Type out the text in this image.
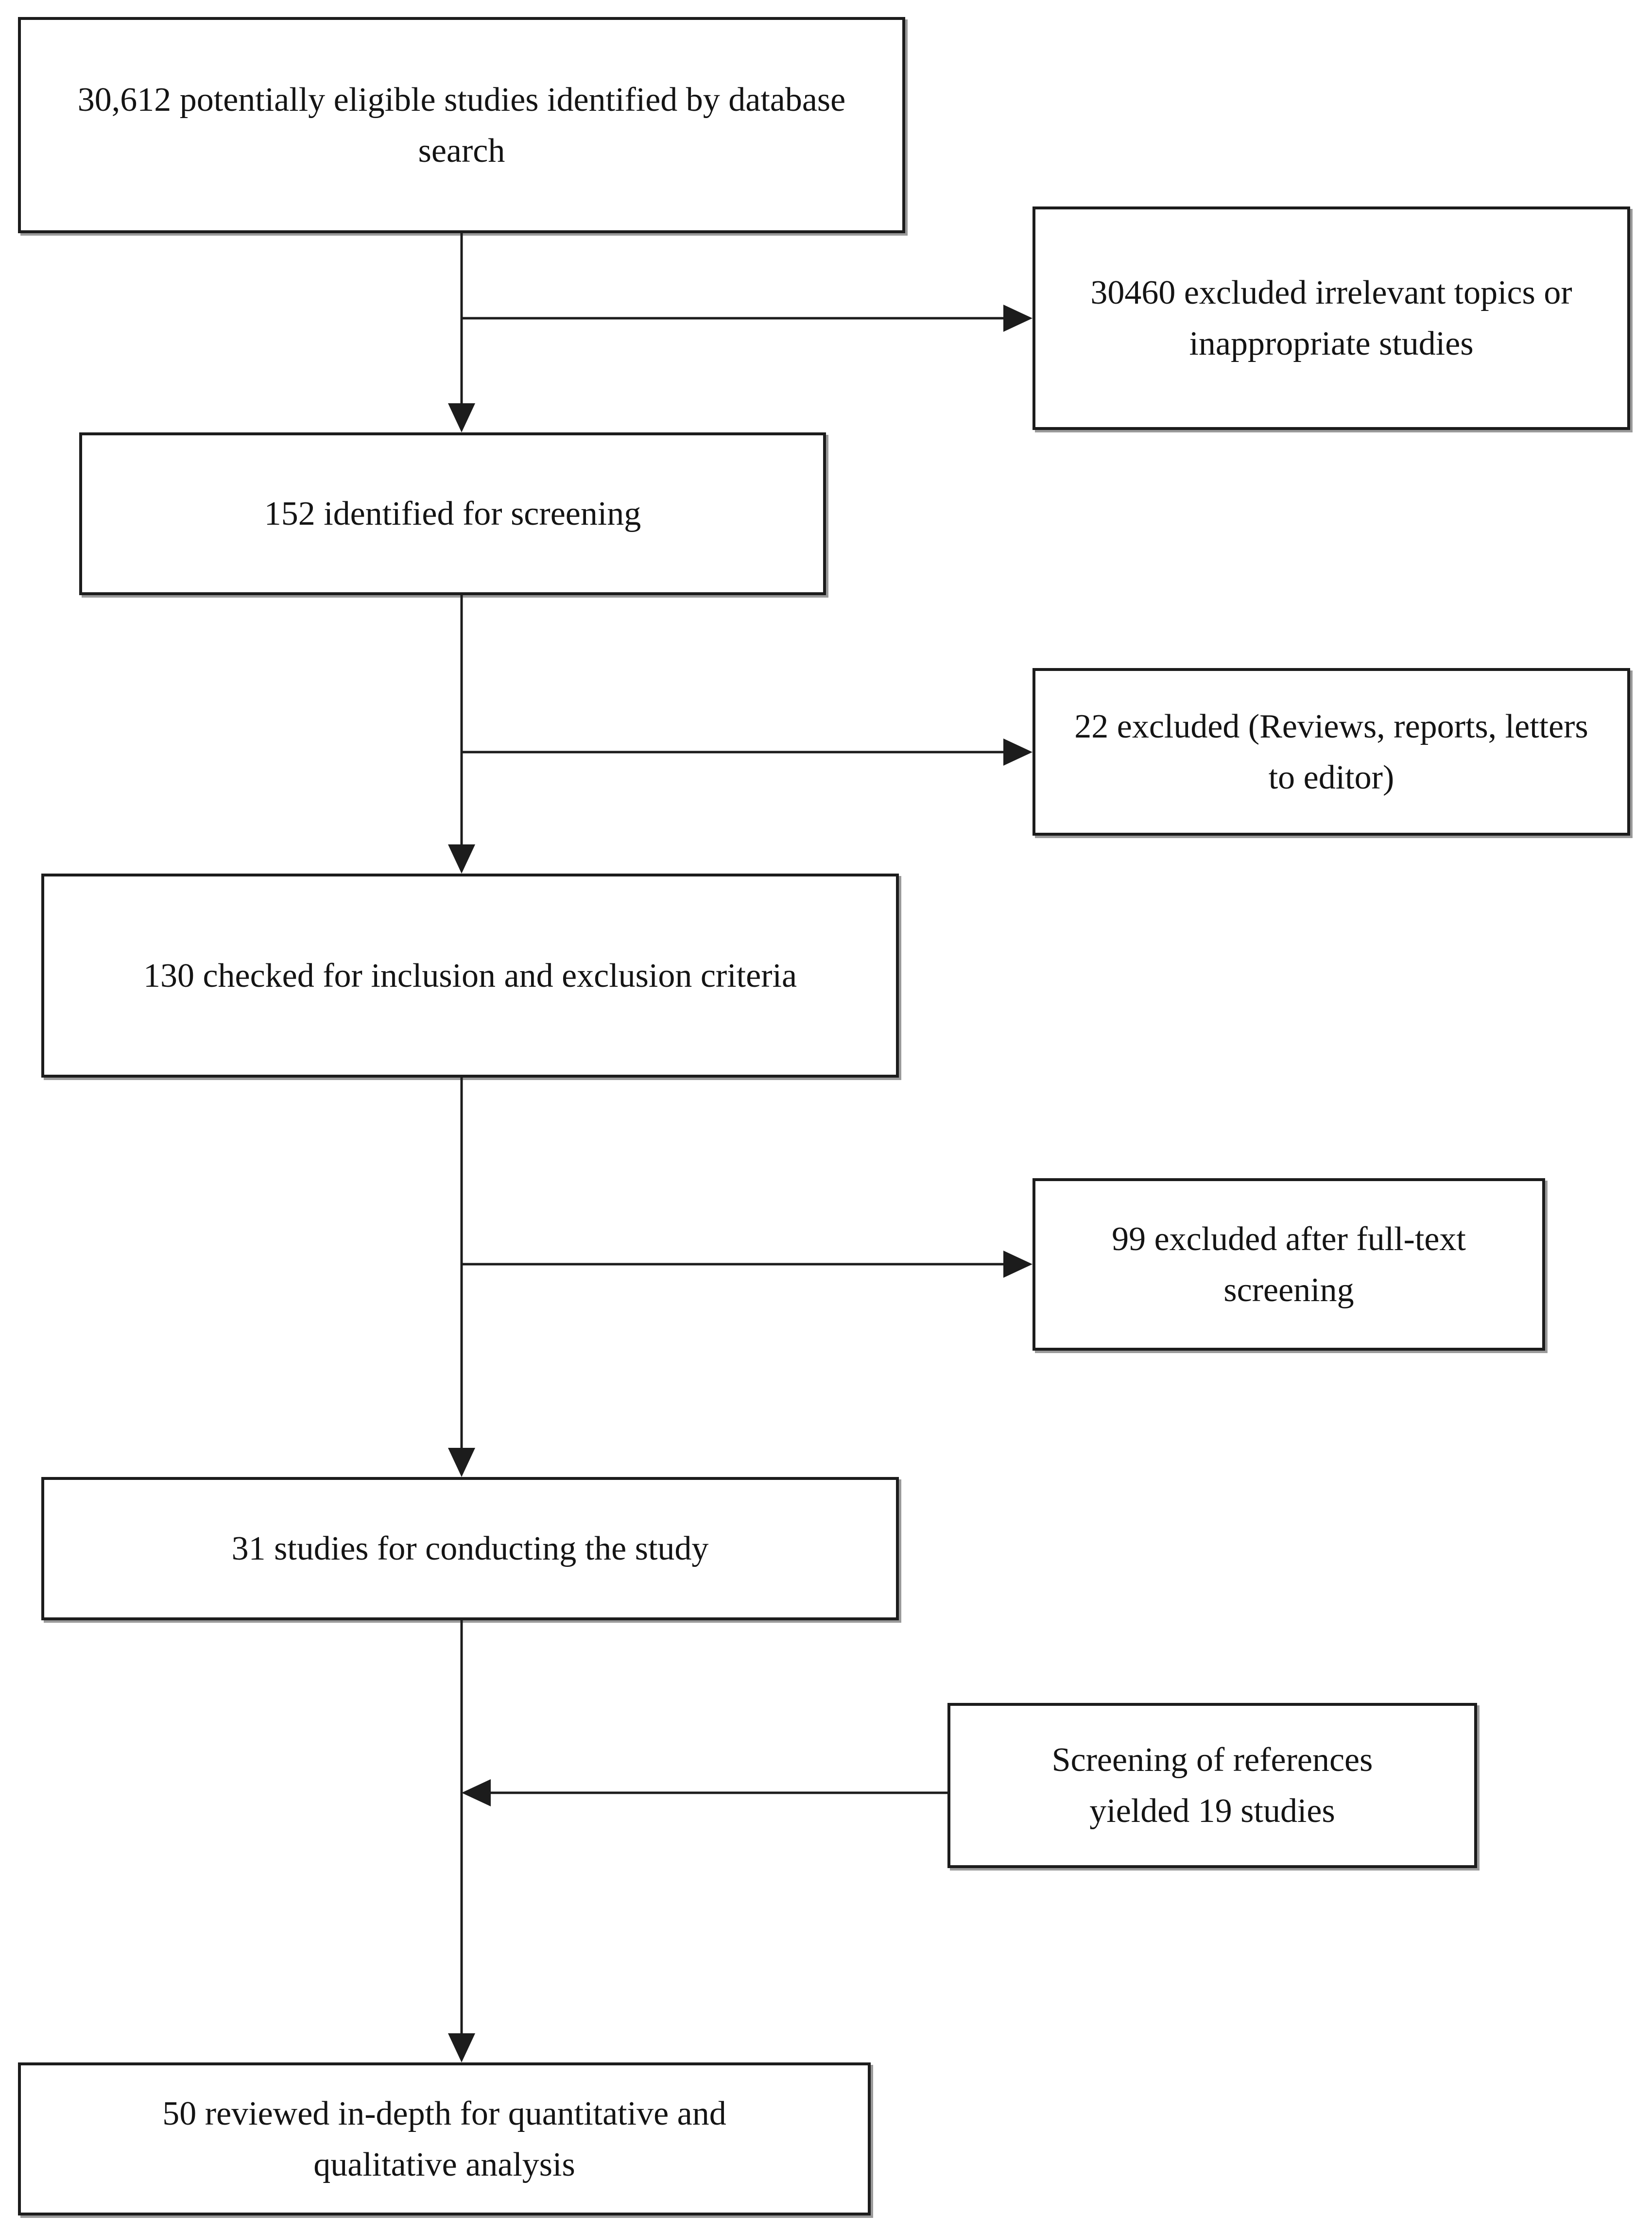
30,612 potentially eligible studies identified by database search
30460 excluded irrelevant topics or inappropriate studies
152 identified for screening
22 excluded (Reviews, reports, letters to editor)
130 checked for inclusion and exclusion criteria
99 excluded after full-text screening
31 studies for conducting the study
Screening of references yielded 19 studies
50 reviewed in-depth for quantitative and qualitative analysis
